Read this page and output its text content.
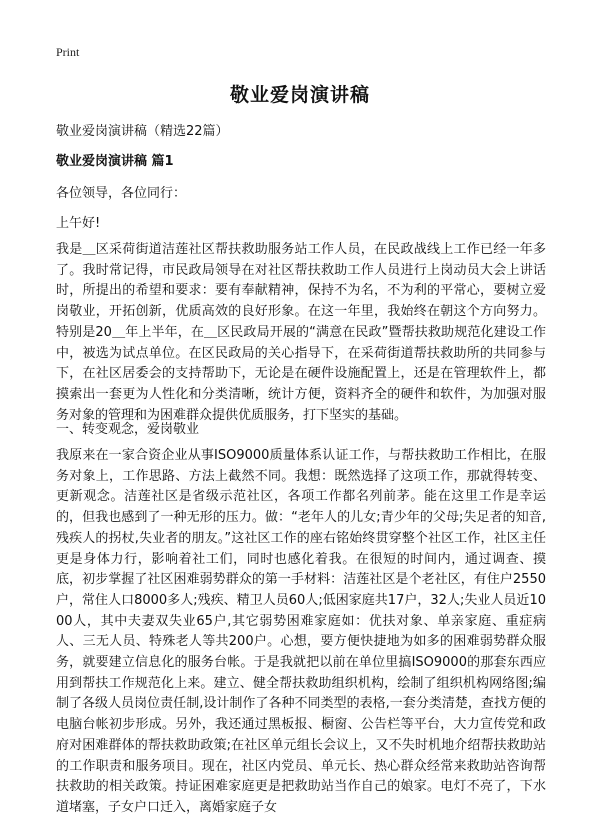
Print
敬业爱岗演讲稿
敬业爱岗演讲稿（精选22篇）
敬业爱岗演讲稿 篇1
各位领导，各位同行：
上午好!

我是＿区采荷街道洁莲社区帮扶救助服务站工作人员，在民政战线上工作已经一年多了。我时常记得，市民政局领导在对社区帮扶救助工作人员进行上岗动员大会上讲话时，所提出的希望和要求：要有奉献精神，保持不为名，不为利的平常心，要树立爱岗敬业，开拓创新，优质高效的良好形象。在这一年里，我始终在朝这个方向努力。特别是20＿年上半年，在＿区民政局开展的“满意在民政”暨帮扶救助规范化建设工作中，被选为试点单位。在区民政局的关心指导下，在采荷街道帮扶救助所的共同参与下，在社区居委会的支持帮助下，无论是在硬件设施配置上，还是在管理软件上，都摸索出一套更为人性化和分类清晰，统计方便，资料齐全的硬件和软件，为加强对服务对象的管理和为困难群众提供优质服务，打下坚实的基础。

一、转变观念，爱岗敬业

我原来在一家合资企业从事ISO9000质量体系认证工作，与帮扶救助工作相比，在服务对象上，工作思路、方法上截然不同。我想：既然选择了这项工作，那就得转变、更新观念。洁莲社区是省级示范社区，各项工作都名列前茅。能在这里工作是幸运的，但我也感到了一种无形的压力。做：“老年人的儿女;青少年的父母;失足者的知音,残疾人的拐杖,失业者的朋友。”这社区工作的座右铭始终贯穿整个社区工作，社区主任更是身体力行，影响着社工们，同时也感化着我。在很短的时间内，通过调查、摸底，初步掌握了社区困难弱势群众的第一手材料：洁莲社区是个老社区，有住户2550户，常住人口8000多人;残疾、精卫人员60人;低困家庭共17户，32人;失业人员近1000人，其中夫妻双失业65户,其它弱势困难家庭如：优扶对象、单亲家庭、重症病人、三无人员、特殊老人等共200户。心想，要方便快捷地为如多的困难弱势群众服务，就要建立信息化的服务台帐。于是我就把以前在单位里搞ISO9000的那套东西应用到帮扶工作规范化上来。建立、健全帮扶救助组织机构，绘制了组织机构网络图;编制了各级人员岗位责任制,设计制作了各种不同类型的表格,一套分类清楚，查找方便的电脑台帐初步形成。另外，我还通过黑板报、橱窗、公告栏等平台，大力宣传党和政府对困难群体的帮扶救助政策;在社区单元组长会议上，又不失时机地介绍帮扶救助站的工作职责和服务项目。现在，社区内党员、单元长、热心群众经常来救助站咨询帮扶救助的相关政策。持证困难家庭更是把救助站当作自己的娘家。电灯不亮了，下水道堵塞，子女户口迁入，离婚家庭子女
